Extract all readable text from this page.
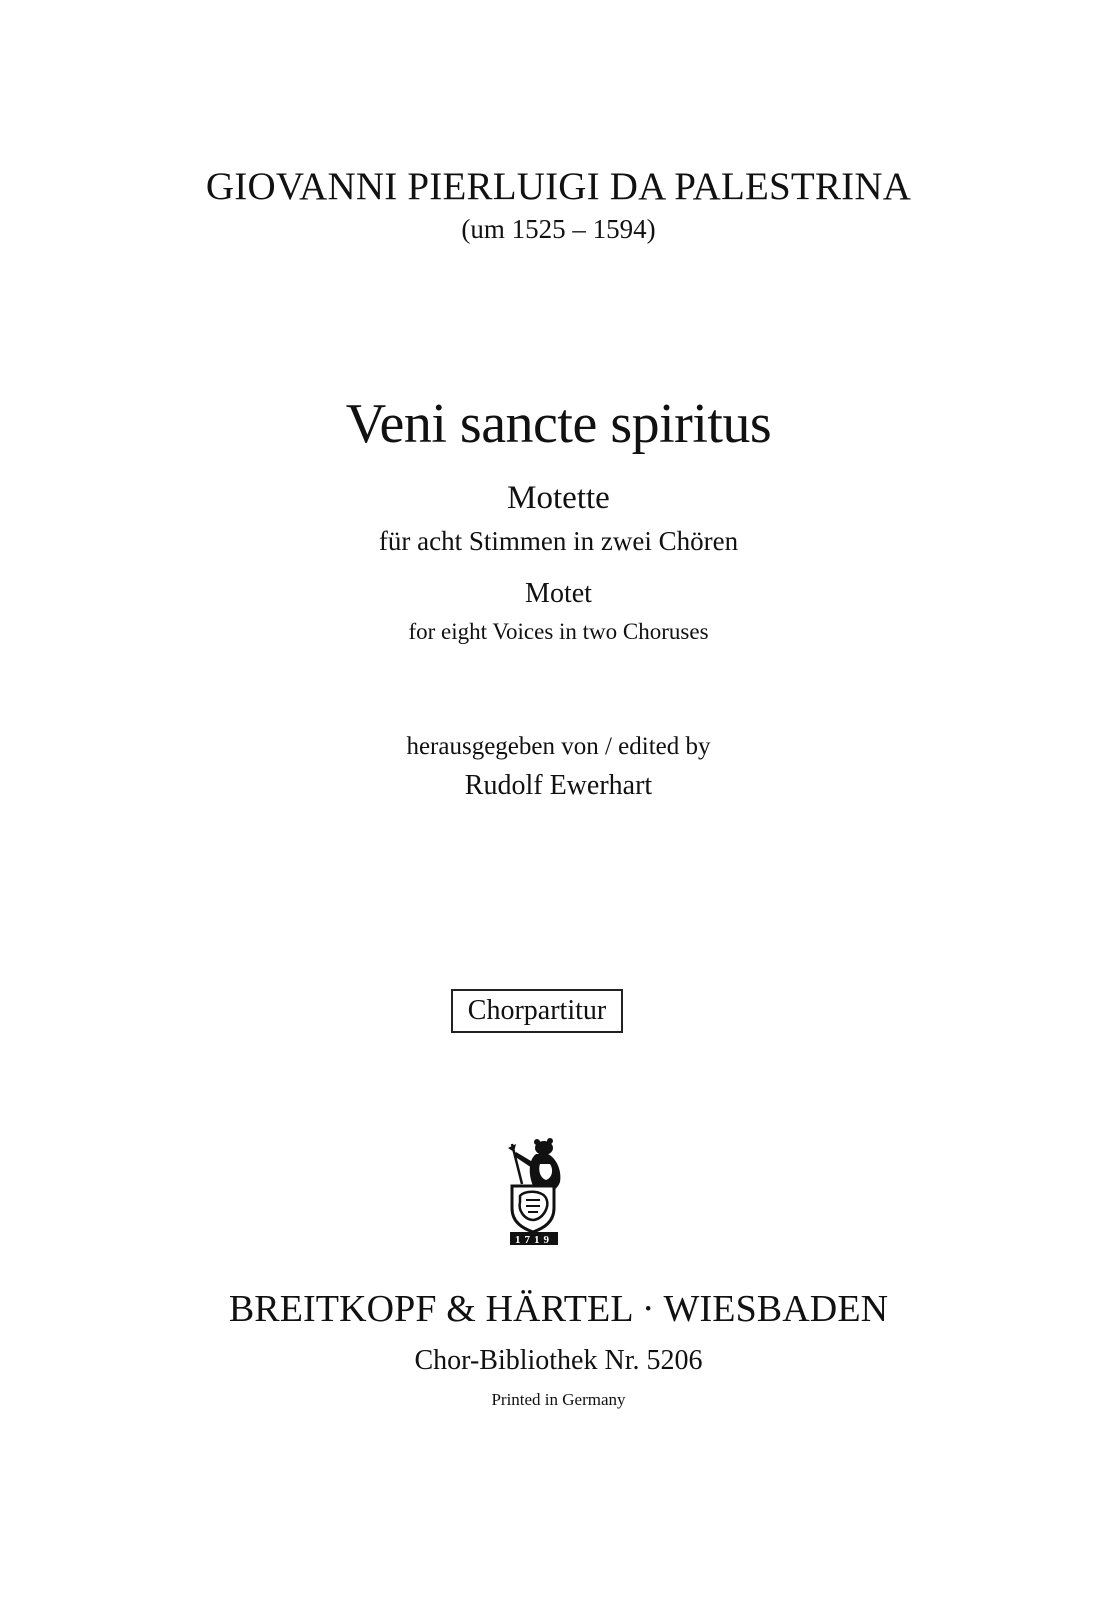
GIOVANNI PIERLUIGI DA PALESTRINA
(um 1525 – 1594)
Veni sancte spiritus
Motette
für acht Stimmen in zwei Chören
Motet
for eight Voices in two Choruses
herausgegeben von / edited by
Rudolf Ewerhart
Chorpartitur
1719
BREITKOPF & HÄRTEL · WIESBADEN
Chor-Bibliothek Nr. 5206
Printed in Germany
